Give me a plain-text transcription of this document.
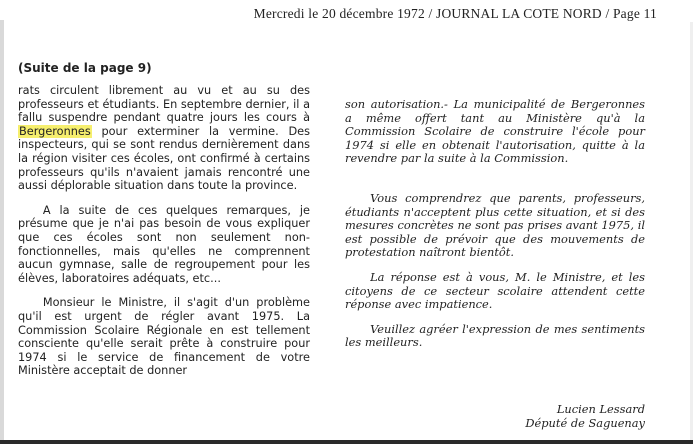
Mercredi le 20 décembre 1972 / JOURNAL LA COTE NORD / Page 11
(Suite de la page 9)

rats circulent librement au vu et au su des professeurs et étudiants. En septembre dernier, il a fallu suspendre pendant quatre jours les cours à Bergeronnes pour exterminer la vermine. Des inspecteurs, qui se sont rendus dernièrement dans la région visiter ces écoles, ont confirmé à certains professeurs qu'ils n'avaient jamais rencontré une aussi déplorable situation dans toute la province.

A la suite de ces quelques remarques, je présume que je n'ai pas besoin de vous expliquer que ces écoles sont non seulement non-fonctionnelles, mais qu'elles ne comprennent aucun gymnase, salle de regroupement pour les élèves, laboratoires adéquats, etc...

Monsieur le Ministre, il s'agit d'un problème qu'il est urgent de régler avant 1975. La Commission Scolaire Régionale en est tellement consciente qu'elle serait prête à construire pour 1974 si le service de financement de votre Ministère acceptait de donner

son autorisation.- La municipalité de Bergeronnes a même offert tant au Ministère qu'à la Commission Scolaire de construire l'école pour 1974 si elle en obtenait l'autorisation, quitte à la revendre par la suite à la Commission.

Vous comprendrez que parents, professeurs, étudiants n'acceptent plus cette situation, et si des mesures concrètes ne sont pas prises avant 1975, il est possible de prévoir que des mouvements de protestation naîtront bientôt.

La réponse est à vous, M. le Ministre, et les citoyens de ce secteur scolaire attendent cette réponse avec impatience.

Veuillez agréer l'expression de mes sentiments les meilleurs.

Lucien Lessard
Député de Saguenay
